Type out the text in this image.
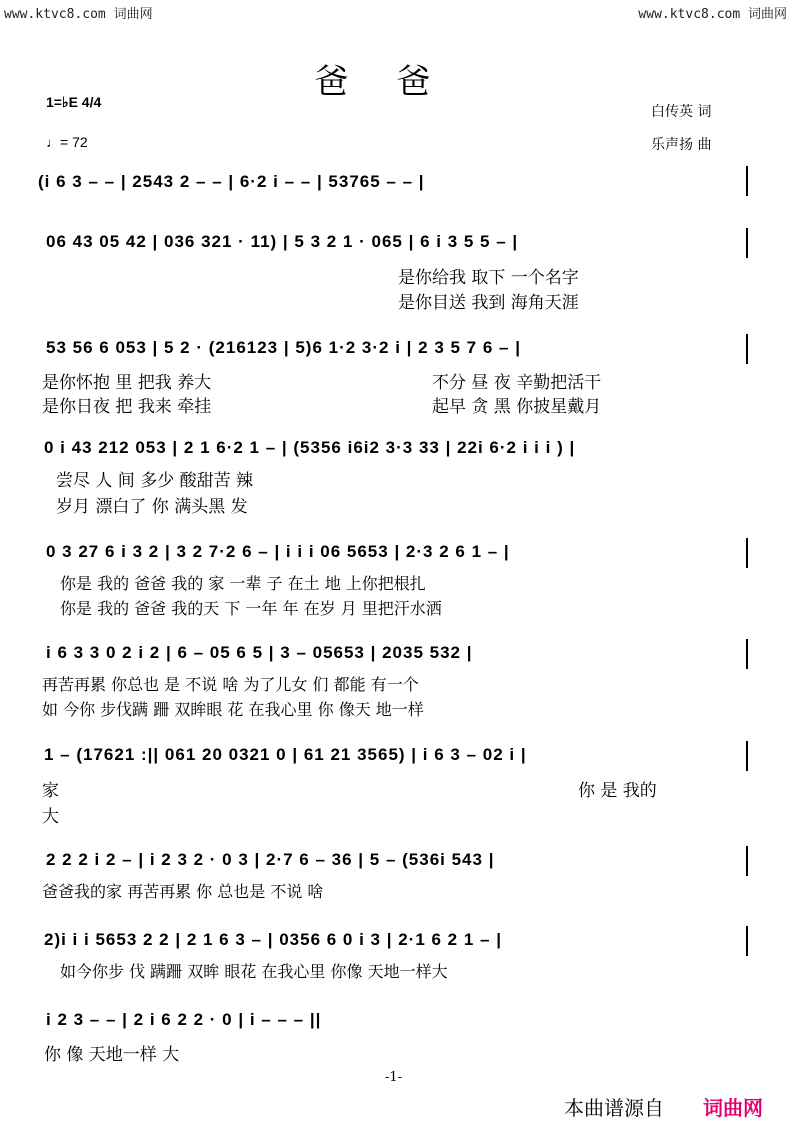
www.ktvc8.com 词曲网	www.ktvc8.com 词曲网
爸爸
1=♭E 4/4
♩= 72
白传英 词
乐声扬 曲
(i 6 3 – – | 2543 2 – – | 6·2 i – – | 53765 – – |
06 43 05 42 | 036 321 · 11) | 5 3 2 1 · 065 | 6 i 3 5 5 – |
是你给我 取下 一个名字
是你目送 我到 海角天涯
53 56 6 053 | 5 2 · (216123 | 5)6 1·2 3·2 i | 2 3 5 7 6 – |
是你怀抱 里 把我 养大	不分 昼 夜 辛勤把活干
是你日夜 把 我来 牵挂	起早 贪 黑 你披星戴月
0 i 43 212 053 | 2 1 6·2 1 – | (5356 i6i2 3·3 33 | 22i 6·2 i i i ) |
尝尽 人 间 多少 酸甜苦 辣
岁月 漂白了 你 满头黑 发
0 3 27 6 i 3 2 | 3 2 7·2 6 – | i i i 06 5653 | 2·3 2 6 1 – |
你是 我的 爸爸 我的 家 一辈 子 在土 地 上你把根扎
你是 我的 爸爸 我的天 下 一年 年 在岁 月 里把汗水洒
i 6 3 3 0 2 i 2 | 6 – 05 6 5 | 3 – 05653 | 2035 532 |
再苦再累 你总也 是 不说 啥 为了儿女 们 都能 有一个
如 今你 步伐蹒 跚 双眸眼 花 在我心里 你 像天 地一样
1 – (17621 :|| 061 20 0321 0 | 61 21 3565) | i 6 3 – 02 i |
家	你 是 我的
大
2 2 2 i 2 – | i 2 3 2 · 0 3 | 2·7 6 – 36 | 5 – (536i 543 |
爸爸我的家 再苦再累 你 总也是 不说 啥
2)i i i 5653 2 2 | 2 1 6 3 – | 0356 6 0 i 3 | 2·1 6 2 1 – |
如今你步 伐 蹒跚 双眸 眼花 在我心里 你像 天地一样大
i 2 3 – – | 2 i 6 2 2 · 0 | i – – – ||
你 像 天地一样 大
-1-
本曲谱源自 词曲网
